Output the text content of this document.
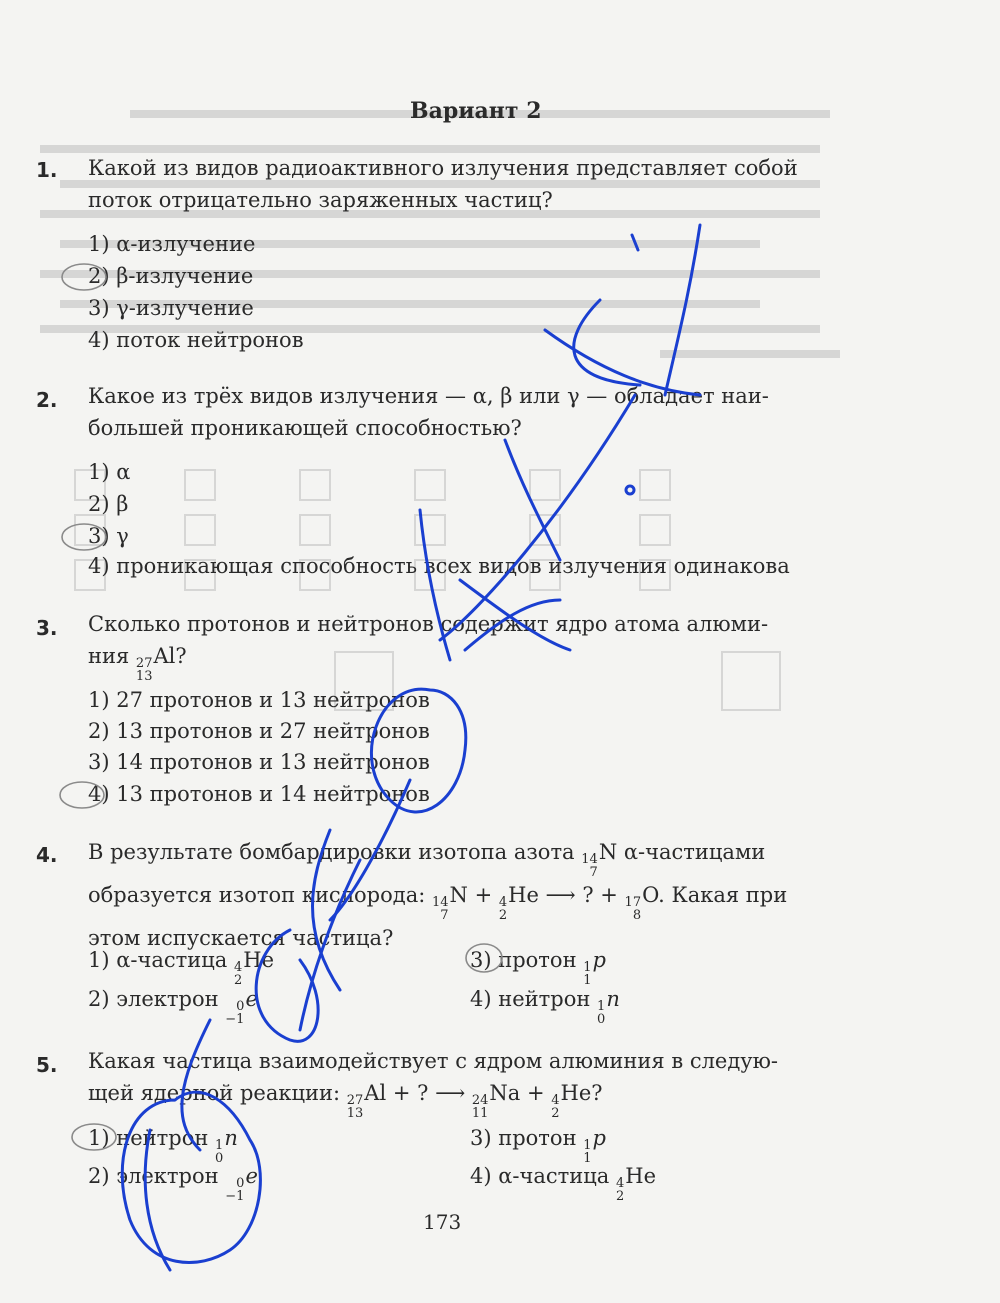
Вариант 2
1. Какой из видов радиоактивного излучения представляет собой
поток отрицательно заряженных частиц?
1) α-излучение
2) β-излучение
3) γ-излучение
4) поток нейтронов
2. Какое из трёх видов излучения — α, β или γ — обладает наи-
большей проникающей способностью?
1) α
2) β
3) γ
4) проникающая способность всех видов излучения одинакова
3. Сколько протонов и нейтронов содержит ядро атома алюми-
ния 27
13
Al?
1) 27 протонов и 13 нейтронов
2) 13 протонов и 27 нейтронов
3) 14 протонов и 13 нейтронов
4) 13 протонов и 14 нейтронов
4. В результате бомбардировки изотопа азота 14
7
N α-частицами
образуется изотоп кислорода: 14
7
N + 4
2
He ⟶ ? + 17
8
O. Какая при
этом испускается частица?
1) α-частица 4
2
He
2) электрон 0
−1
e
3) протон 1
1
p
4) нейтрон 1
0
n
5. Какая частица взаимодействует с ядром алюминия в следую-
щей ядерной реакции: 27
13
Al + ? ⟶ 24
11
Na + 4
2
He?
1) нейтрон 1
0
n
2) электрон 0
−1
e
3) протон 1
1
p
4) α-частица 4
2
He
173
